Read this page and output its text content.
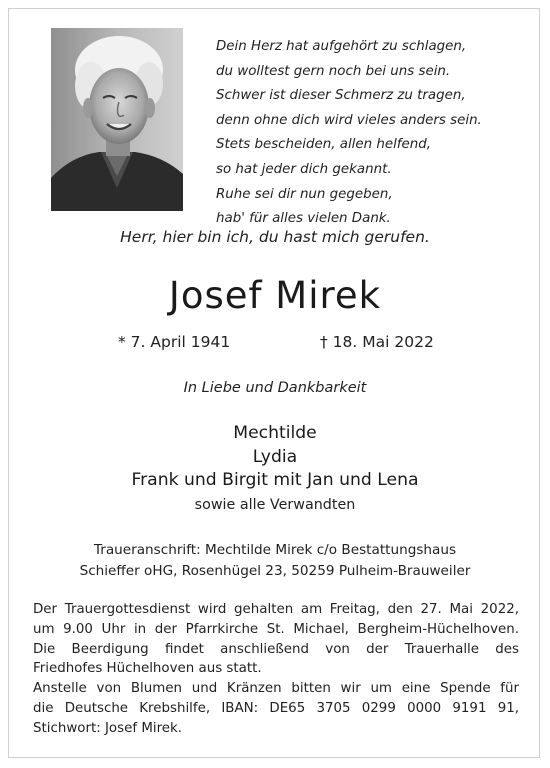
Dein Herz hat aufgehört zu schlagen,
du wolltest gern noch bei uns sein.
Schwer ist dieser Schmerz zu tragen,
denn ohne dich wird vieles anders sein.
Stets bescheiden, allen helfend,
so hat jeder dich gekannt.
Ruhe sei dir nun gegeben,
hab' für alles vielen Dank.
Herr, hier bin ich, du hast mich gerufen.
Josef Mirek
* 7. April 1941	† 18. Mai 2022
In Liebe und Dankbarkeit
Mechtilde
Lydia
Frank und Birgit mit Jan und Lena
sowie alle Verwandten
Traueranschrift: Mechtilde Mirek c/o Bestattungshaus
Schieffer oHG, Rosenhügel 23, 50259 Pulheim-Brauweiler
Der Trauergottesdienst wird gehalten am Freitag, den 27. Mai 2022,
um 9.00 Uhr in der Pfarrkirche St. Michael, Bergheim-Hüchelhoven.
Die Beerdigung findet anschließend von der Trauerhalle des
Friedhofes Hüchelhoven aus statt.
Anstelle von Blumen und Kränzen bitten wir um eine Spende für
die Deutsche Krebshilfe, IBAN: DE65 3705 0299 0000 9191 91,
Stichwort: Josef Mirek.
